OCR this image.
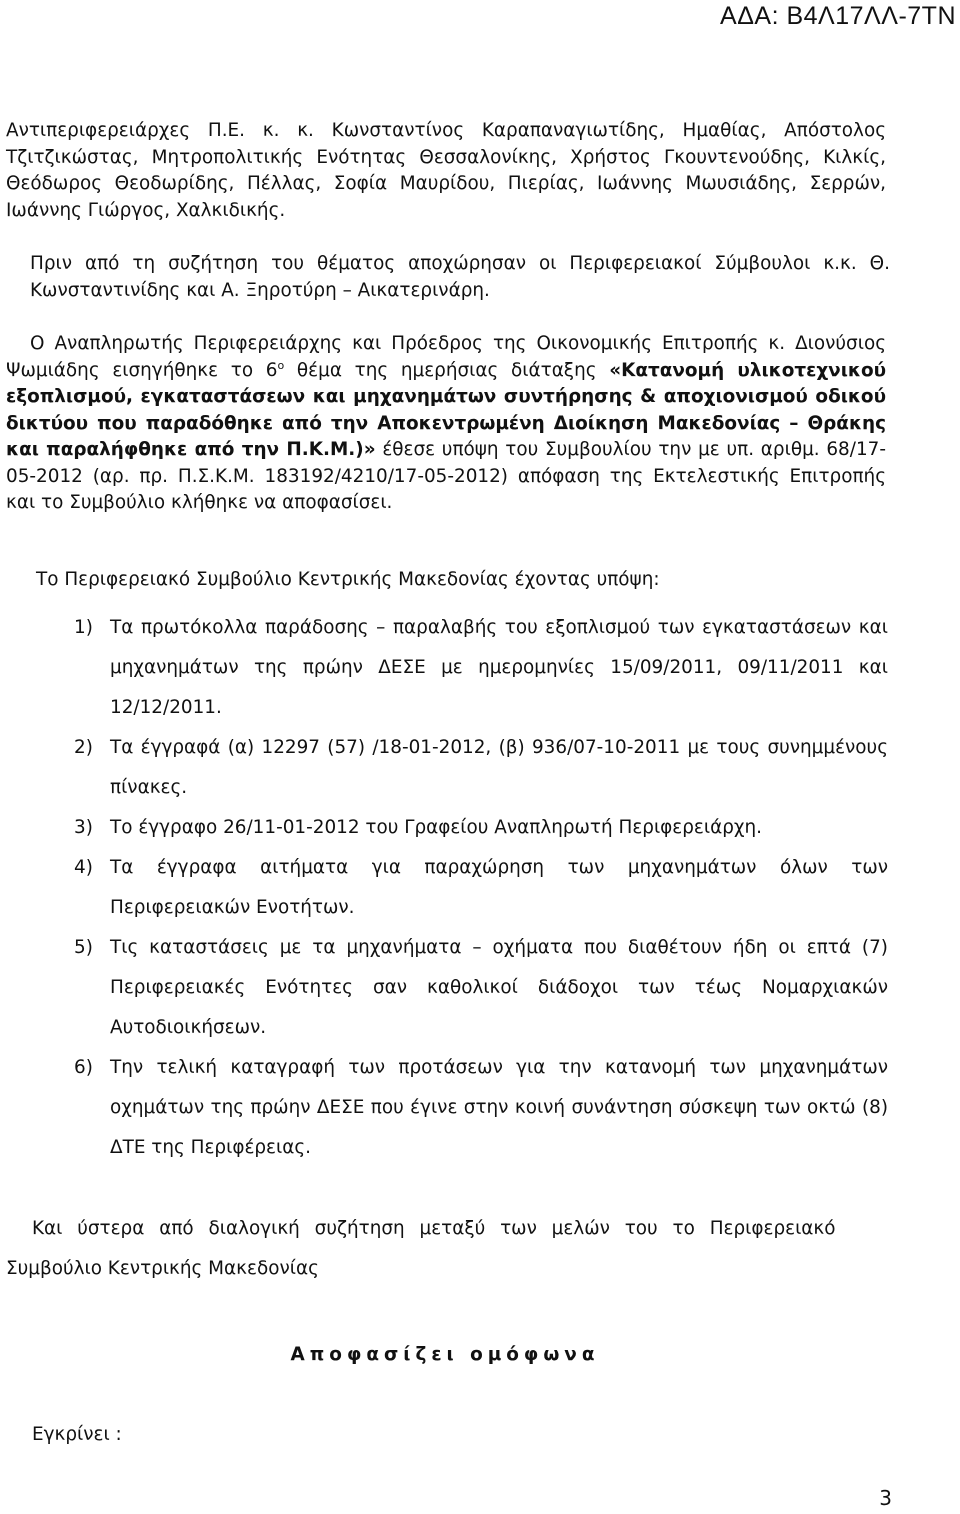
ΑΔΑ: Β4Λ17ΛΛ-7ΤΝ
Αντιπεριφερειάρχες Π.Ε. κ. κ. Κωνσταντίνος Καραπαναγιωτίδης, Ημαθίας, Απόστολος Τζιτζικώστας, Μητροπολιτικής Ενότητας Θεσσαλονίκης, Χρήστος Γκουντενούδης, Κιλκίς, Θεόδωρος Θεοδωρίδης, Πέλλας, Σοφία Μαυρίδου, Πιερίας, Ιωάννης Μωυσιάδης, Σερρών, Ιωάννης Γιώργος, Χαλκιδικής.
Πριν από τη συζήτηση του θέματος αποχώρησαν οι Περιφερειακοί Σύμβουλοι κ.κ. Θ. Κωνσταντινίδης και Α. Ξηροτύρη – Αικατερινάρη.
Ο Αναπληρωτής Περιφερειάρχης και Πρόεδρος της Οικονομικής Επιτροπής κ. Διονύσιος Ψωμιάδης εισηγήθηκε το $6^o$ θέμα της ημερήσιας διάταξης «Κατανομή υλικοτεχνικού εξοπλισμού, εγκαταστάσεων και μηχανημάτων συντήρησης & αποχιονισμού οδικού δικτύου που παραδόθηκε από την Αποκεντρωμένη Διοίκηση Μακεδονίας – Θράκης και παραλήφθηκε από την Π.Κ.Μ.)» έθεσε υπόψη του Συμβουλίου την με υπ. αριθμ. 68/17-05-2012 (αρ. πρ. Π.Σ.Κ.Μ. 183192/4210/17-05-2012) απόφαση της Εκτελεστικής Επιτροπής και το Συμβούλιο κλήθηκε να αποφασίσει.
Το Περιφερειακό Συμβούλιο Κεντρικής Μακεδονίας έχοντας υπόψη:
1) Τα πρωτόκολλα παράδοσης – παραλαβής του εξοπλισμού των εγκαταστάσεων και μηχανημάτων της πρώην ΔΕΣΕ με ημερομηνίες 15/09/2011, 09/11/2011 και 12/12/2011.
2) Τα έγγραφά (α) 12297 (57) /18-01-2012, (β) 936/07-10-2011 με τους συνημμένους πίνακες.
3) Το έγγραφο 26/11-01-2012 του Γραφείου Αναπληρωτή Περιφερειάρχη.
4) Τα έγγραφα αιτήματα για παραχώρηση των μηχανημάτων όλων των Περιφερειακών Ενοτήτων.
5) Τις καταστάσεις με τα μηχανήματα – οχήματα που διαθέτουν ήδη οι επτά (7) Περιφερειακές Ενότητες σαν καθολικοί διάδοχοι των τέως Νομαρχιακών Αυτοδιοικήσεων.
6) Την τελική καταγραφή των προτάσεων για την κατανομή των μηχανημάτων οχημάτων της πρώην ΔΕΣΕ που έγινε στην κοινή συνάντηση σύσκεψη των οκτώ (8) ΔΤΕ της Περιφέρειας.
Και ύστερα από διαλογική συζήτηση μεταξύ των μελών του το Περιφερειακό
Συμβούλιο Κεντρικής Μακεδονίας
Αποφασίζει ομόφωνα
Εγκρίνει :
3
